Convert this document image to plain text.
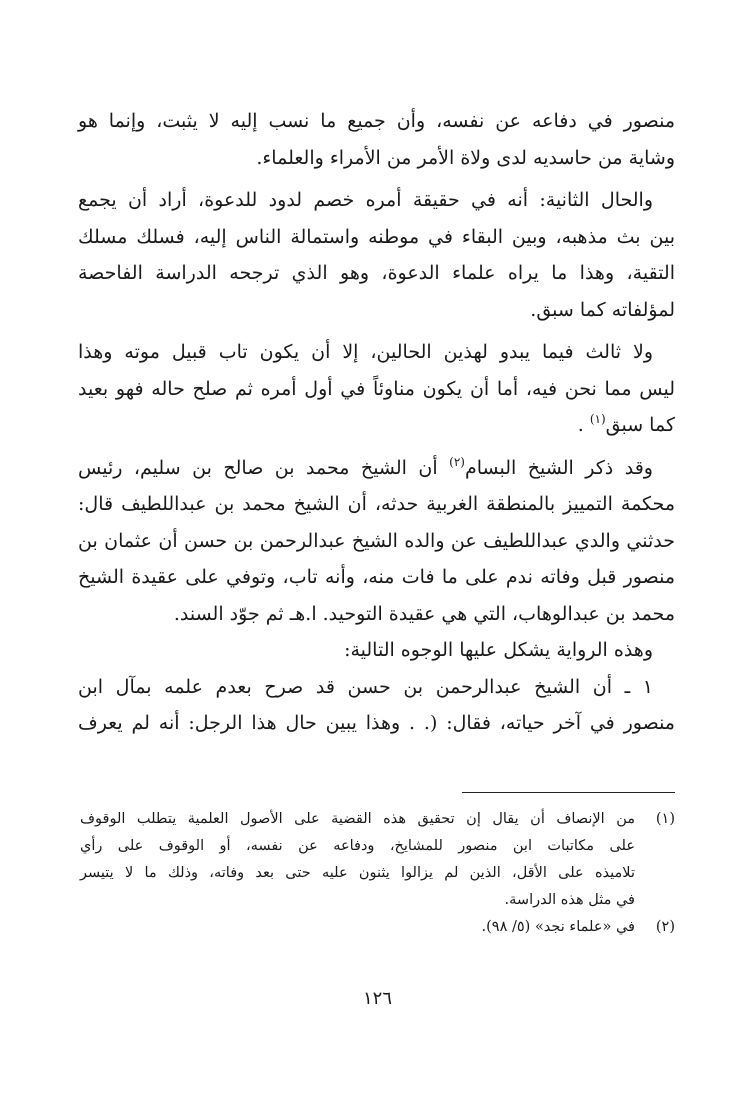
منصور في دفاعه عن نفسه، وأن جميع ما نسب إليه لا يثبت، وإنما هو

وشاية من حاسديه لدى ولاة الأمر من الأمراء والعلماء.

والحال الثانية: أنه في حقيقة أمره خصم لدود للدعوة، أراد أن يجمع

بين بث مذهبه، وبين البقاء في موطنه واستمالة الناس إليه، فسلك مسلك

التقية، وهذا ما يراه علماء الدعوة، وهو الذي ترجحه الدراسة الفاحصة

لمؤلفاته كما سبق.

ولا ثالث فيما يبدو لهذين الحالين، إلا أن يكون تاب قبيل موته وهذا

ليس مما نحن فيه، أما أن يكون مناوئاً في أول أمره ثم صلح حاله فهو بعيد

كما سبق$^{(١)}$ .

وقد ذكر الشيخ البسام$^{(٢)}$ أن الشيخ محمد بن صالح بن سليم، رئيس

محكمة التمييز بالمنطقة الغربية حدثه، أن الشيخ محمد بن عبداللطيف قال:

حدثني والدي عبداللطيف عن والده الشيخ عبدالرحمن بن حسن أن عثمان بن

منصور قبل وفاته ندم على ما فات منه، وأنه تاب، وتوفي على عقيدة الشيخ

محمد بن عبدالوهاب، التي هي عقيدة التوحيد. ا.هـ ثم جوّد السند.

وهذه الرواية يشكل عليها الوجوه التالية:

١ ـ أن الشيخ عبدالرحمن بن حسن قد صرح بعدم علمه بمآل ابن

منصور في آخر حياته، فقال: (. . وهذا يبين حال هذا الرجل: أنه لم يعرف

(١)
من الإنصاف أن يقال إن تحقيق هذه القضية على الأصول العلمية يتطلب الوقوف
على مكاتبات ابن منصور للمشايخ، ودفاعه عن نفسه، أو الوقوف على رأي
تلاميذه على الأقل، الذين لم يزالوا يثنون عليه حتى بعد وفاته، وذلك ما لا يتيسر
في مثل هذه الدراسة.
(٢)
في «علماء نجد» (٥/ ٩٨).
١٢٦
